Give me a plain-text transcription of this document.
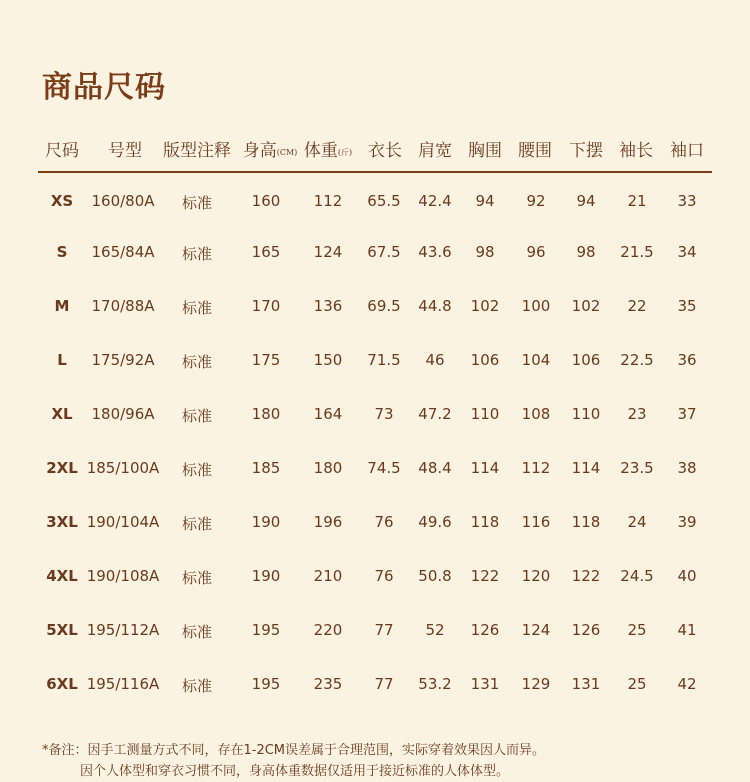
商品尺码
尺码 号型 版型注释 身高(CM) 体重(斤) 衣长 肩宽 胸围 腰围 下摆 袖长 袖口
XS 160/80A 标准	160 112 65.5 42.4 94 92 94 21 33
S 165/84A 标准	165 124 67.5 43.6 98 96 98 21.5 34
M 170/88A 标准	170 136 69.5 44.8 102 100 102 22 35
L 175/92A 标准	175 150 71.5 46 106 104 106 22.5 36
XL 180/96A 标准	180 164 73 47.2 110 108 110 23 37
2XL 185/100A 标准	185 180 74.5 48.4 114 112 114 23.5 38
3XL 190/104A 标准	190 196 76 49.6 118 116 118 24 39
4XL 190/108A 标准	190 210 76 50.8 122 120 122 24.5 40
5XL 195/112A 标准	195 220 77 52 126 124 126 25 41
6XL 195/116A 标准	195 235 77 53.2 131 129 131 25 42
*备注：因手工测量方式不同，存在1-2CM误差属于合理范围，实际穿着效果因人而异。
因个人体型和穿衣习惯不同，身高体重数据仅适用于接近标准的人体体型。
